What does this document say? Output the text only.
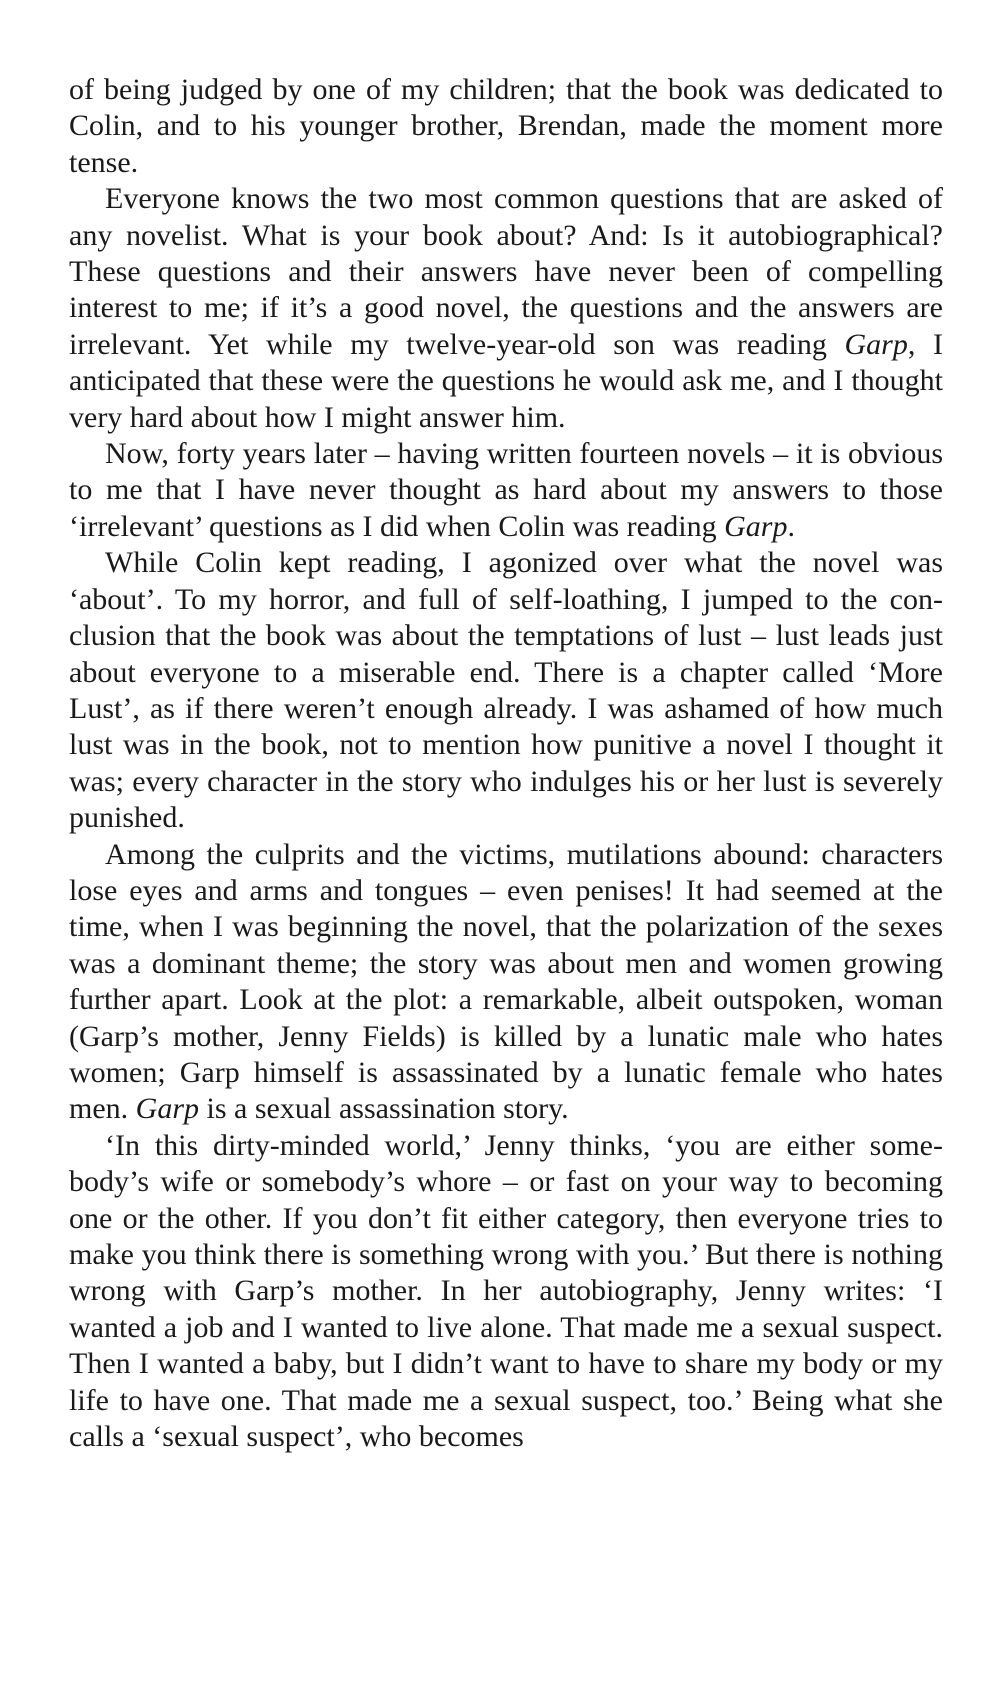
of being judged by one of my children; that the book was dedicated to Colin, and to his younger brother, Brendan, made the moment more tense.

Everyone knows the two most common questions that are asked of any novelist. What is your book about? And: Is it autobiographical? These questions and their answers have never been of compelling interest to me; if it’s a good novel, the questions and the answers are irrelevant. Yet while my twelve-year-old son was reading Garp, I anticipated that these were the questions he would ask me, and I thought very hard about how I might answer him.

Now, forty years later – having written fourteen novels – it is obvious to me that I have never thought as hard about my answers to those ‘irrelevant’ questions as I did when Colin was reading Garp.

While Colin kept reading, I agonized over what the novel was ‘about’. To my horror, and full of self-loathing, I jumped to the conclusion that the book was about the temptations of lust – lust leads just about everyone to a miserable end. There is a chapter called ‘More Lust’, as if there weren’t enough already. I was ashamed of how much lust was in the book, not to mention how punitive a novel I thought it was; every character in the story who indulges his or her lust is severely punished.

Among the culprits and the victims, mutilations abound: characters lose eyes and arms and tongues – even penises! It had seemed at the time, when I was beginning the novel, that the polarization of the sexes was a dominant theme; the story was about men and women growing further apart. Look at the plot: a remarkable, albeit outspoken, woman (Garp’s mother, Jenny Fields) is killed by a lunatic male who hates women; Garp himself is assassinated by a lunatic female who hates men. Garp is a sexual assassination story.

‘In this dirty-minded world,’ Jenny thinks, ‘you are either somebody’s wife or somebody’s whore – or fast on your way to becoming one or the other. If you don’t fit either category, then everyone tries to make you think there is something wrong with you.’ But there is nothing wrong with Garp’s mother. In her autobiography, Jenny writes: ‘I wanted a job and I wanted to live alone. That made me a sexual suspect. Then I wanted a baby, but I didn’t want to have to share my body or my life to have one. That made me a sexual suspect, too.’ Being what she calls a ‘sexual suspect’, who becomes
